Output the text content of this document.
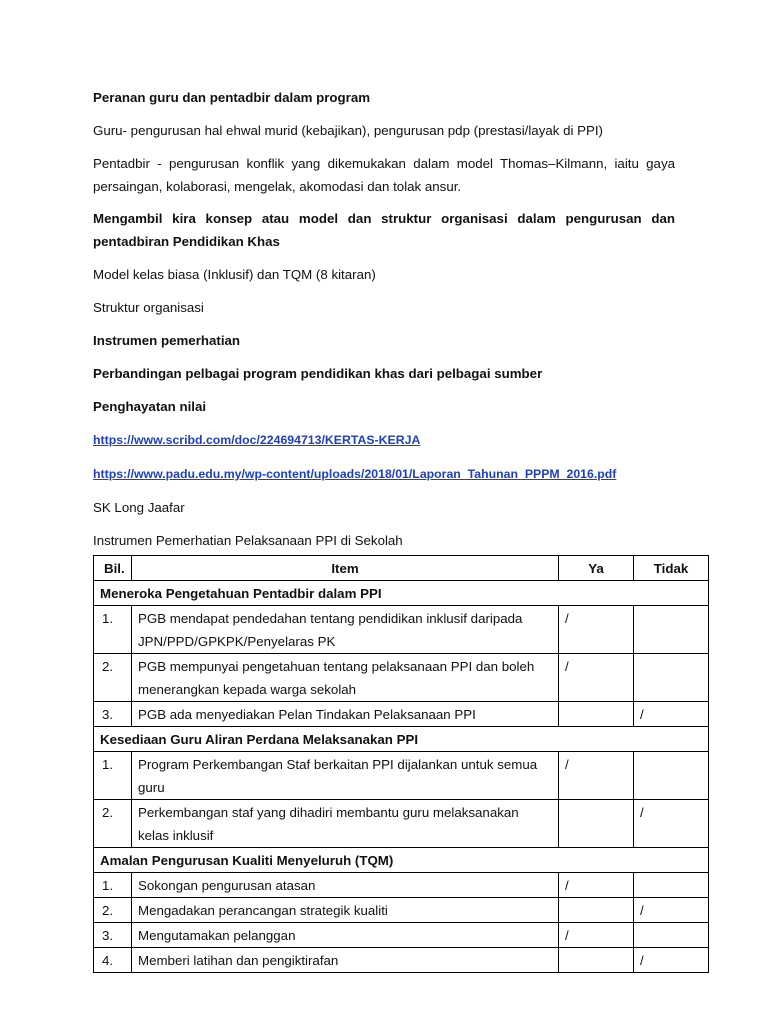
Peranan guru dan pentadbir dalam program

Guru- pengurusan hal ehwal murid (kebajikan), pengurusan pdp (prestasi/layak di PPI)

Pentadbir - pengurusan konflik yang dikemukakan dalam model Thomas–Kilmann, iaitu gaya persaingan, kolaborasi, mengelak, akomodasi dan tolak ansur.

Mengambil kira konsep atau model dan struktur organisasi dalam pengurusan dan pentadbiran Pendidikan Khas

Model kelas biasa (Inklusif) dan TQM (8 kitaran)

Struktur organisasi

Instrumen pemerhatian

Perbandingan pelbagai program pendidikan khas dari pelbagai sumber

Penghayatan nilai

https://www.scribd.com/doc/224694713/KERTAS-KERJA

https://www.padu.edu.my/wp-content/uploads/2018/01/Laporan_Tahunan_PPPM_2016.pdf

SK Long Jaafar

Instrumen Pemerhatian Pelaksanaan PPI di Sekolah

Bil.	Item	Ya	Tidak
Meneroka Pengetahuan Pentadbir dalam PPI			
1.	PGB mendapat pendedahan tentang pendidikan inklusif daripada JPN/PPD/GPKPK/Penyelaras PK	/	
2.	PGB mempunyai pengetahuan tentang pelaksanaan PPI dan boleh menerangkan kepada warga sekolah	/	
3.	PGB ada menyediakan Pelan Tindakan Pelaksanaan PPI		/
Kesediaan Guru Aliran Perdana Melaksanakan PPI			
1.	Program Perkembangan Staf berkaitan PPI dijalankan untuk semua guru	/	
2.	Perkembangan staf yang dihadiri membantu guru melaksanakan kelas inklusif		/
Amalan Pengurusan Kualiti Menyeluruh (TQM)			
1.	Sokongan pengurusan atasan	/	
2.	Mengadakan perancangan strategik kualiti		/
3.	Mengutamakan pelanggan	/	
4.	Memberi latihan dan pengiktirafan		/
